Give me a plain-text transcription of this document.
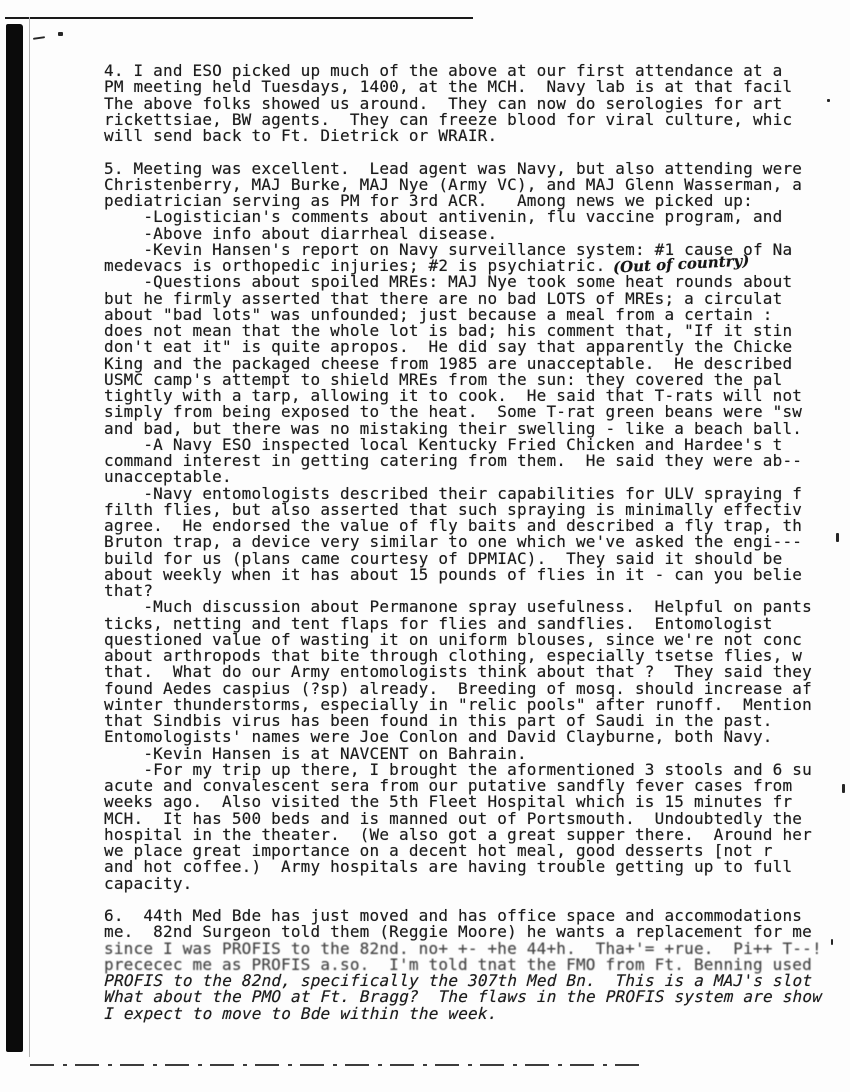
4. I and ESO picked up much of the above at our first attendance at a
PM meeting held Tuesdays, 1400, at the MCH.  Navy lab is at that facil
The above folks showed us around.  They can now do serologies for art
rickettsiae, BW agents.  They can freeze blood for viral culture, whic
will send back to Ft. Dietrick or WRAIR.

5. Meeting was excellent.  Lead agent was Navy, but also attending were
Christenberry, MAJ Burke, MAJ Nye (Army VC), and MAJ Glenn Wasserman, a
pediatrician serving as PM for 3rd ACR.   Among news we picked up:
-Logistician's comments about antivenin, flu vaccine program, and
-Above info about diarrheal disease.
-Kevin Hansen's report on Navy surveillance system: #1 cause of Na
medevacs is orthopedic injuries; #2 is psychiatric. (Out of country)
-Questions about spoiled MREs: MAJ Nye took some heat rounds about
but he firmly asserted that there are no bad LOTS of MREs; a circulat
about "bad lots" was unfounded; just because a meal from a certain :
does not mean that the whole lot is bad; his comment that, "If it stin
don't eat it" is quite apropos.  He did say that apparently the Chicke
King and the packaged cheese from 1985 are unacceptable.  He described
USMC camp's attempt to shield MREs from the sun: they covered the pal
tightly with a tarp, allowing it to cook.  He said that T-rats will not
simply from being exposed to the heat.  Some T-rat green beans were "sw
and bad, but there was no mistaking their swelling - like a beach ball.
-A Navy ESO inspected local Kentucky Fried Chicken and Hardee's t
command interest in getting catering from them.  He said they were ab--
unacceptable.
-Navy entomologists described their capabilities for ULV spraying f
filth flies, but also asserted that such spraying is minimally effectiv
agree.  He endorsed the value of fly baits and described a fly trap, th
Bruton trap, a device very similar to one which we've asked the engi---
build for us (plans came courtesy of DPMIAC).  They said it should be
about weekly when it has about 15 pounds of flies in it - can you belie
that?
-Much discussion about Permanone spray usefulness.  Helpful on pants
ticks, netting and tent flaps for flies and sandflies.  Entomologist
questioned value of wasting it on uniform blouses, since we're not conc
about arthropods that bite through clothing, especially tsetse flies, w
that.  What do our Army entomologists think about that ?  They said they
found Aedes caspius (?sp) already.  Breeding of mosq. should increase af
winter thunderstorms, especially in "relic pools" after runoff.  Mention
that Sindbis virus has been found in this part of Saudi in the past.
Entomologists' names were Joe Conlon and David Clayburne, both Navy.
-Kevin Hansen is at NAVCENT on Bahrain.
-For my trip up there, I brought the aformentioned 3 stools and 6 su
acute and convalescent sera from our putative sandfly fever cases from
weeks ago.  Also visited the 5th Fleet Hospital which is 15 minutes fr
MCH.  It has 500 beds and is manned out of Portsmouth.  Undoubtedly the
hospital in the theater.  (We also got a great supper there.  Around her
we place great importance on a decent hot meal, good desserts [not r
and hot coffee.)  Army hospitals are having trouble getting up to full
capacity.

6.  44th Med Bde has just moved and has office space and accommodations
me.  82nd Surgeon told them (Reggie Moore) he wants a replacement for me
since I was PROFIS to the 82nd. no+ +- +he 44+h.  Tha+'= +rue.  Pi++ T--!
prececec me as PROFIS a.so.  I'm told tnat the FMO from Ft. Benning used
PROFIS to the 82nd, specifically the 307th Med Bn.  This is a MAJ's slot
What about the PMO at Ft. Bragg?  The flaws in the PROFIS system are show
I expect to move to Bde within the week.
